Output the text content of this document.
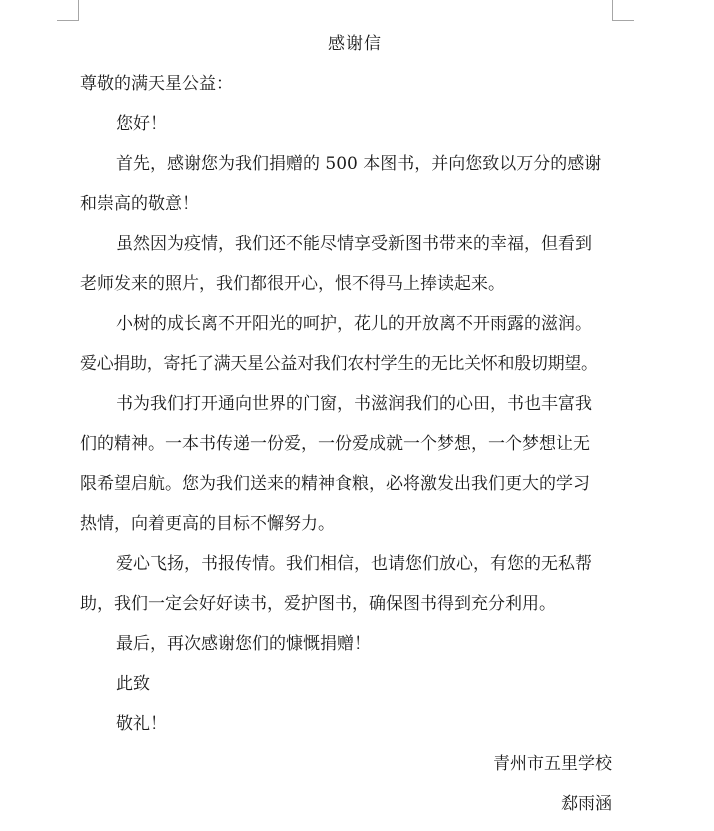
感谢信

尊敬的满天星公益：

您好！

首先，感谢您为我们捐赠的 500 本图书，并向您致以万分的感谢

和崇高的敬意！

虽然因为疫情，我们还不能尽情享受新图书带来的幸福，但看到

老师发来的照片，我们都很开心，恨不得马上捧读起来。

小树的成长离不开阳光的呵护，花儿的开放离不开雨露的滋润。

爱心捐助，寄托了满天星公益对我们农村学生的无比关怀和殷切期望。

书为我们打开通向世界的门窗，书滋润我们的心田，书也丰富我

们的精神。一本书传递一份爱，一份爱成就一个梦想，一个梦想让无

限希望启航。您为我们送来的精神食粮，必将激发出我们更大的学习

热情，向着更高的目标不懈努力。

爱心飞扬，书报传情。我们相信，也请您们放心，有您的无私帮

助，我们一定会好好读书，爱护图书，确保图书得到充分利用。

最后，再次感谢您们的慷慨捐赠！

此致

敬礼！

青州市五里学校

郄雨涵
